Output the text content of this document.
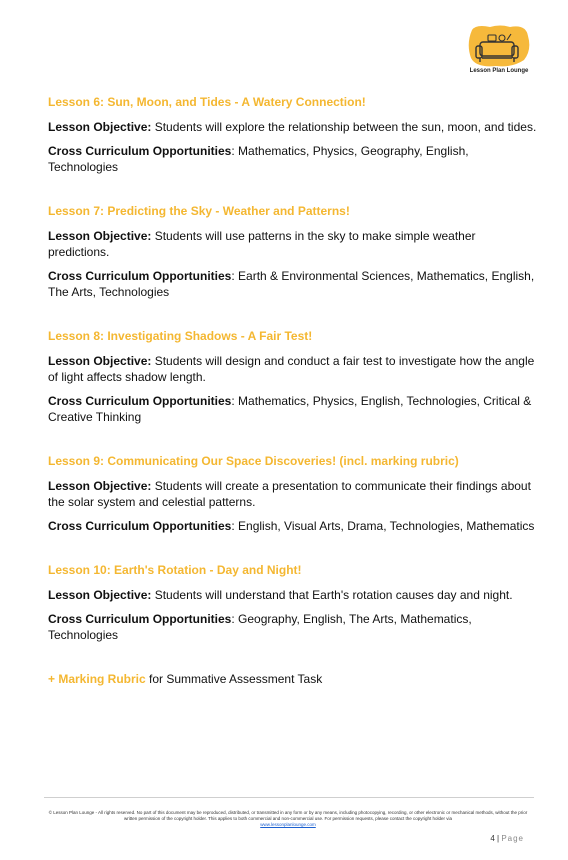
Lesson Plan Lounge
Lesson 6: Sun, Moon, and Tides - A Watery Connection!
Lesson Objective: Students will explore the relationship between the sun, moon, and tides.
Cross Curriculum Opportunities: Mathematics, Physics, Geography, English, Technologies
Lesson 7: Predicting the Sky - Weather and Patterns!
Lesson Objective: Students will use patterns in the sky to make simple weather predictions.
Cross Curriculum Opportunities: Earth & Environmental Sciences, Mathematics, English, The Arts, Technologies
Lesson 8: Investigating Shadows - A Fair Test!
Lesson Objective: Students will design and conduct a fair test to investigate how the angle of light affects shadow length.
Cross Curriculum Opportunities: Mathematics, Physics, English, Technologies, Critical & Creative Thinking
Lesson 9: Communicating Our Space Discoveries! (incl. marking rubric)
Lesson Objective: Students will create a presentation to communicate their findings about the solar system and celestial patterns.
Cross Curriculum Opportunities: English, Visual Arts, Drama, Technologies, Mathematics
Lesson 10: Earth's Rotation - Day and Night!
Lesson Objective: Students will understand that Earth's rotation causes day and night.
Cross Curriculum Opportunities: Geography, English, The Arts, Mathematics, Technologies
+ Marking Rubric for Summative Assessment Task
© Lesson Plan Lounge - All rights reserved. No part of this document may be reproduced, distributed, or transmitted in any form or by any means, including photocopying, recording, or other electronic or mechanical methods, without the prior written permission of the copyright holder. This applies to both commercial and non-commercial use. For permission requests, please contact the copyright holder via
www.lessonplanlounge.com
4 | Page
